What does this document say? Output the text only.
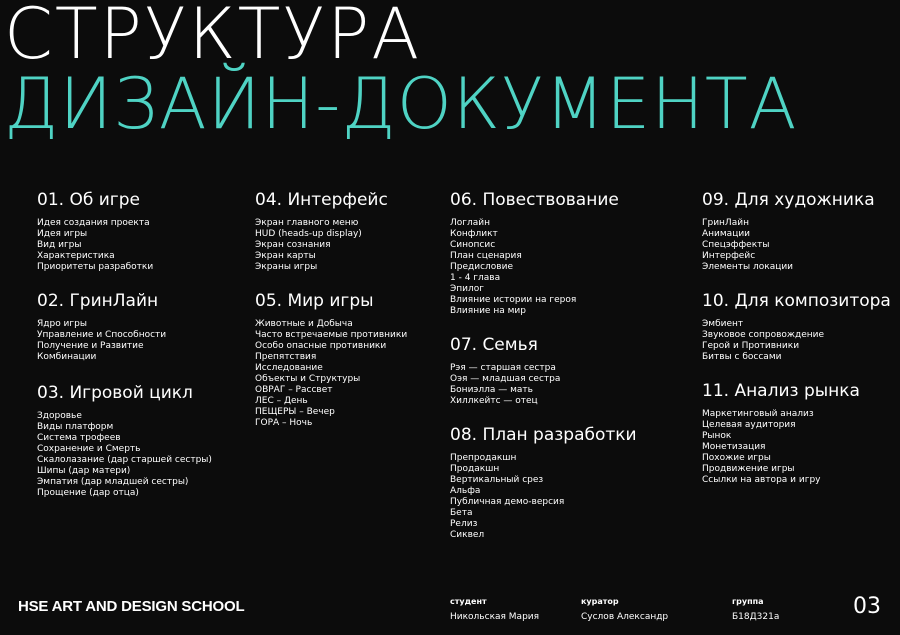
СТРУКТУРА
ДИЗАЙН-ДОКУМЕНТА
01. Об игре
Идея создания проекта
Идея игры
Вид игры
Характеристика
Приоритеты разработки
02. ГринЛайн
Ядро игры
Управление и Способности
Получение и Развитие
Комбинации
03. Игровой цикл
Здоровье
Виды платформ
Система трофеев
Сохранение и Смерть
Скалолазание (дар старшей сестры)
Шипы (дар матери)
Эмпатия (дар младшей сестры)
Прощение (дар отца)
04. Интерфейс
Экран главного меню
HUD (heads-up display)
Экран сознания
Экран карты
Экраны игры
05. Мир игры
Животные и Добыча
Часто встречаемые противники
Особо опасные противники
Препятствия
Исследование
Объекты и Структуры
ОВРАГ – Рассвет
ЛЕС – День
ПЕЩЕРЫ – Вечер
ГОРА – Ночь
06. Повествование
Логлайн
Конфликт
Синопсис
План сценария
Предисловие
1 - 4 глава
Эпилог
Влияние истории на героя
Влияние на мир
07. Семья
Рэя — старшая сестра
Оэя — младшая сестра
Бониэлла — мать
Хиллкейтс — отец
08. План разработки
Препродакшн
Продакшн
Вертикальный срез
Альфа
Публичная демо-версия
Бета
Релиз
Сиквел
09. Для художника
ГринЛайн
Анимации
Спецэффекты
Интерфейс
Элементы локации
10. Для композитора
Эмбиент
Звуковое сопровождение
Герой и Противники
Битвы с боссами
11. Анализ рынка
Маркетинговый анализ
Целевая аудитория
Рынок
Монетизация
Похожие игры
Продвижение игры
Ссылки на автора и игру
HSE ART AND DESIGN SCHOOL	студент
Никольская Мария
куратор
Суслов Александр
группа
Б18Д321а	03
